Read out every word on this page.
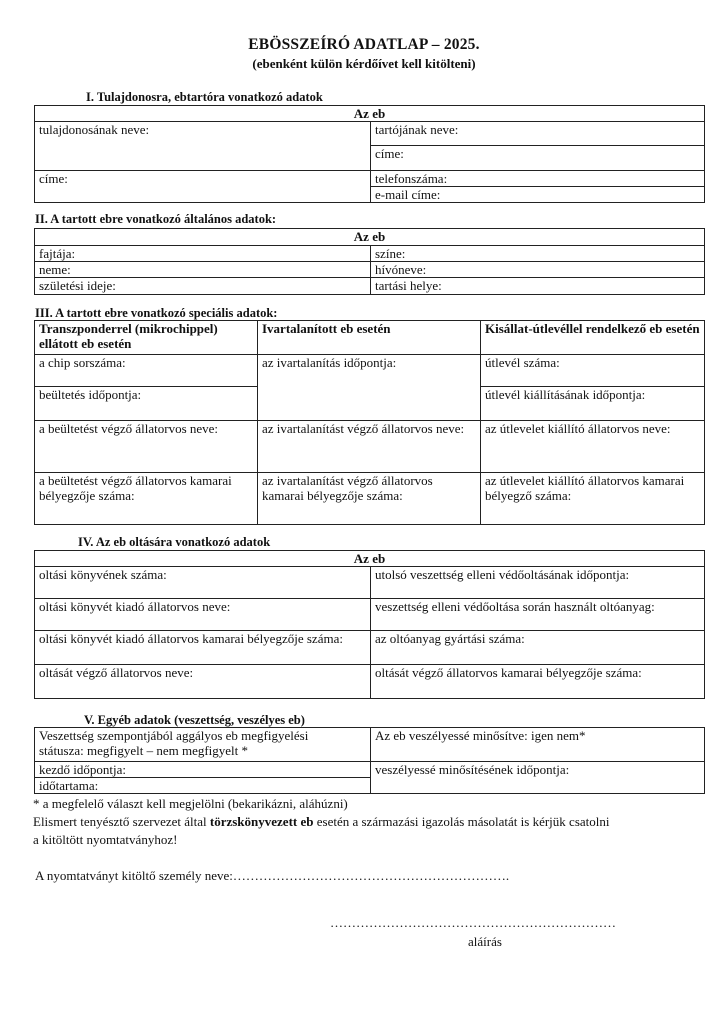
EBÖSSZEÍRÓ ADATLAP – 2025.
(ebenként külön kérdőívet kell kitölteni)
I. Tulajdonosra, ebtartóra vonatkozó adatok
Az eb	
tulajdonosának neve:	tartójának neve:
	címe:
címe:	telefonszáma:
	e-mail címe:
II. A tartott ebre vonatkozó általános adatok:
Az eb	
fajtája:	színe:
neme:	hívóneve:
születési ideje:	tartási helye:
III. A tartott ebre vonatkozó speciális adatok:
Transzponderrel (mikrochippel) ellátott eb esetén	Ivartalanított eb esetén	Kisállat-útlevéllel rendelkező eb esetén
a chip sorszáma:	az ivartalanítás időpontja:	útlevél száma:
beültetés időpontja:		útlevél kiállításának időpontja:
a beültetést végző állatorvos neve:	az ivartalanítást végző állatorvos neve:	az útlevelet kiállító állatorvos neve:
a beültetést végző állatorvos kamarai bélyegzője száma:	az ivartalanítást végző állatorvos kamarai bélyegzője száma:	az útlevelet kiállító állatorvos kamarai bélyegző száma:
IV. Az eb oltására vonatkozó adatok
Az eb	
oltási könyvének száma:	utolsó veszettség elleni védőoltásának időpontja:
oltási könyvét kiadó állatorvos neve:	veszettség elleni védőoltása során használt oltóanyag:
oltási könyvét kiadó állatorvos kamarai bélyegzője száma:	az oltóanyag gyártási száma:
oltását végző állatorvos neve:	oltását végző állatorvos kamarai bélyegzője száma:
V. Egyéb adatok (veszettség, veszélyes eb)
Veszettség szempontjából aggályos eb megfigyelési
státusza: megfigyelt – nem megfigyelt *	Az eb veszélyessé minősítve: igen nem*
kezdő időpontja:	veszélyessé minősítésének időpontja:
időtartama:	
* a megfelelő választ kell megjelölni (bekarikázni, aláhúzni)
Elismert tenyésztő szervezet által törzskönyvezett eb esetén a származási igazolás másolatát is kérjük csatolni
a kitöltött nyomtatványhoz!
A nyomtatványt kitöltő személy neve:……………………………………………………….
…………………………………………………………
aláírás
